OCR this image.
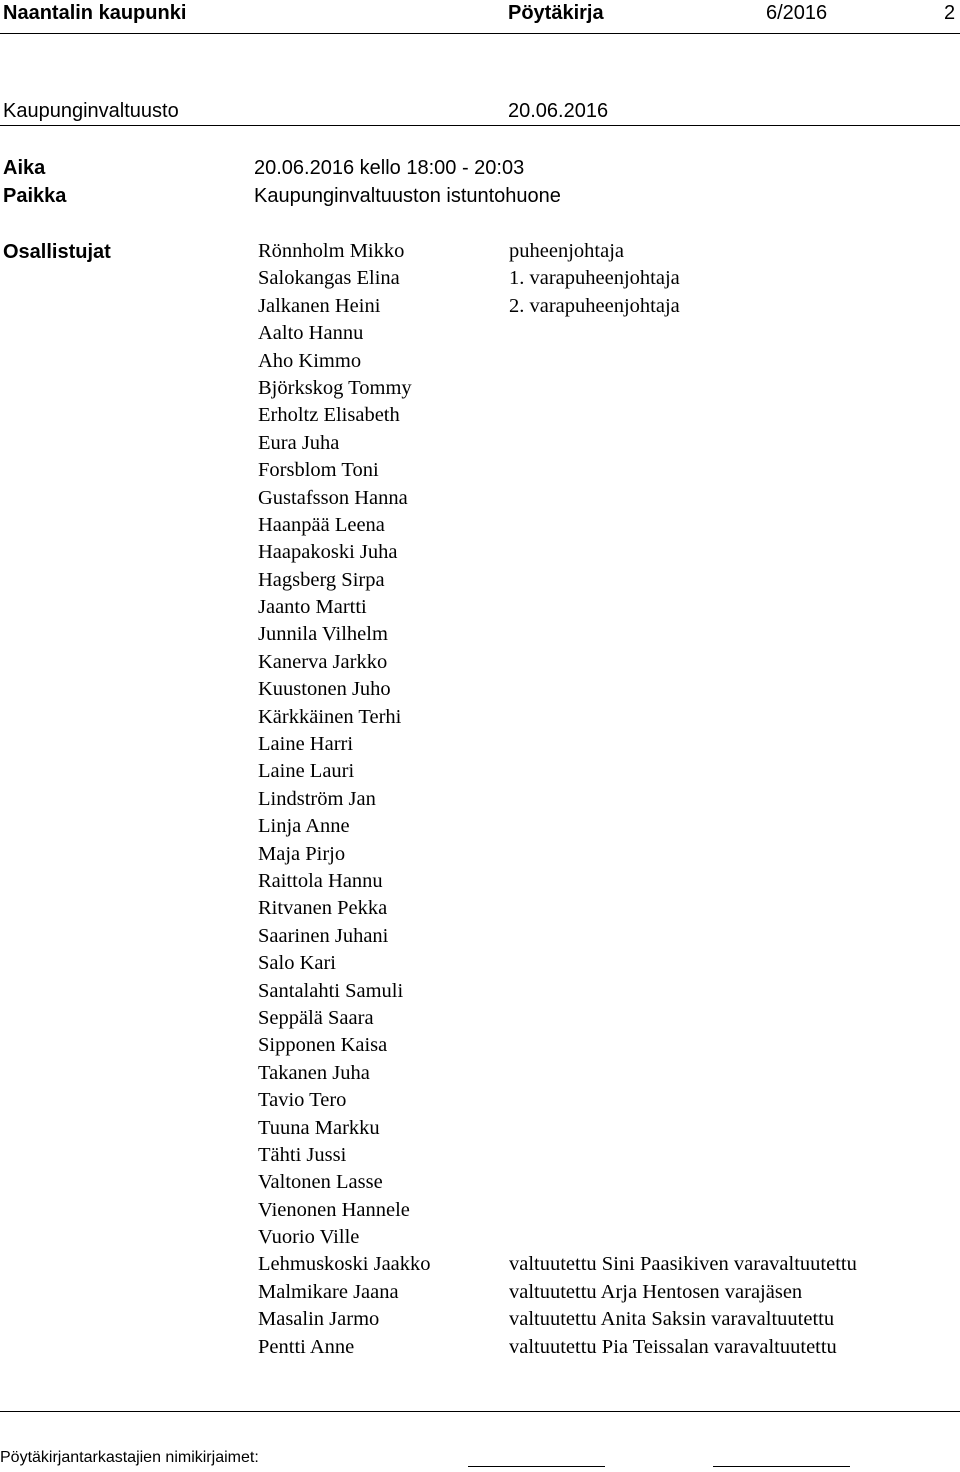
Naantalin kaupunki	Pöytäkirja	6/2016	2
Kaupunginvaltuusto	20.06.2016
Aika	20.06.2016 kello 18:00 - 20:03
Paikka	Kaupunginvaltuuston istuntohuone
Osallistujat	Rönnholm Mikko	puheenjohtaja
Salokangas Elina	1. varapuheenjohtaja
Jalkanen Heini	2. varapuheenjohtaja
Aalto Hannu
Aho Kimmo
Björkskog Tommy
Erholtz Elisabeth
Eura Juha
Forsblom Toni
Gustafsson Hanna
Haanpää Leena
Haapakoski Juha
Hagsberg Sirpa
Jaanto Martti
Junnila Vilhelm
Kanerva Jarkko
Kuustonen Juho
Kärkkäinen Terhi
Laine Harri
Laine Lauri
Lindström Jan
Linja Anne
Maja Pirjo
Raittola Hannu
Ritvanen Pekka
Saarinen Juhani
Salo Kari
Santalahti Samuli
Seppälä Saara
Sipponen Kaisa
Takanen Juha
Tavio Tero
Tuuna Markku
Tähti Jussi
Valtonen Lasse
Vienonen Hannele
Vuorio Ville
Lehmuskoski Jaakko	valtuutettu Sini Paasikiven varavaltuutettu
Malmikare Jaana	valtuutettu Arja Hentosen varajäsen
Masalin Jarmo	valtuutettu Anita Saksin varavaltuutettu
Pentti Anne	valtuutettu Pia Teissalan varavaltuutettu
Pöytäkirjantarkastajien nimikirjaimet:
